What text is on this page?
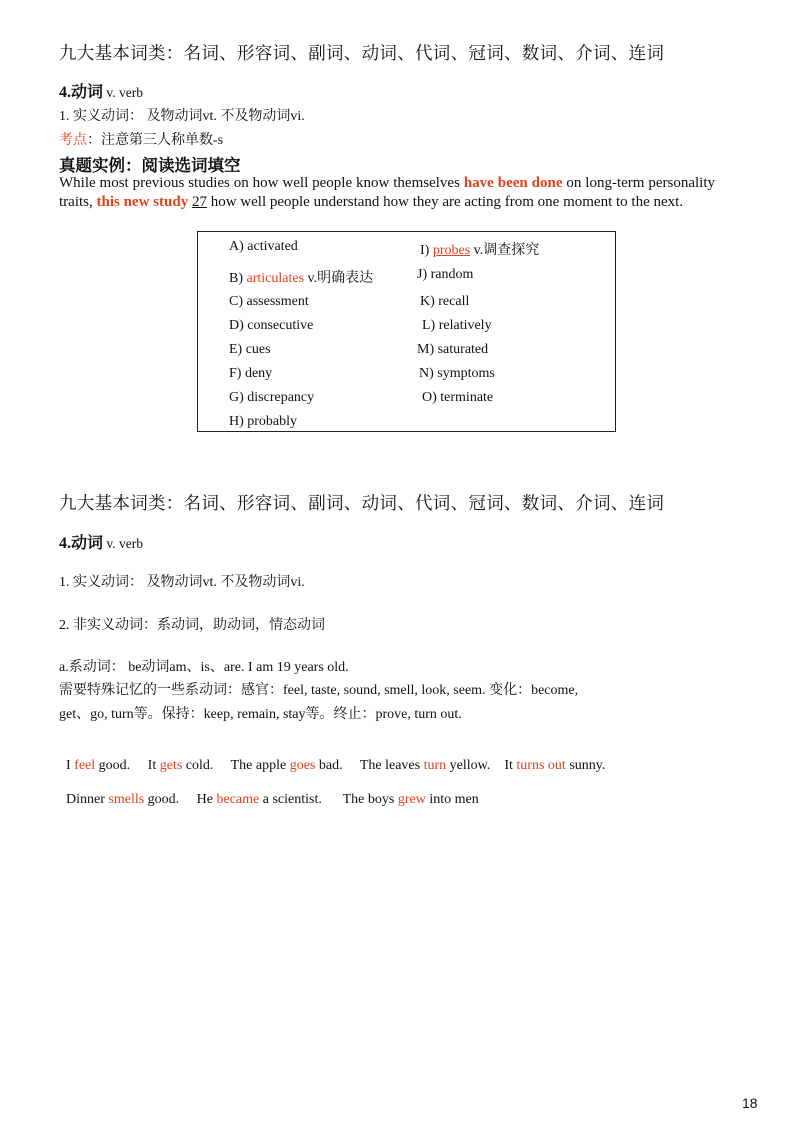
九大基本词类：名词、形容词、副词、动词、代词、冠词、数词、介词、连词
4.动词 v. verb
1. 实义动词： 及物动词vt. 不及物动词vi.
考点：注意第三人称单数-s
真题实例：阅读选词填空
While most previous studies on how well people know themselves have been done on long-term personality traits, this new study 27 how well people understand how they are acting from one moment to the next.
A) activated
B) articulates v.明确表达
C) assessment
D) consecutive
E) cues
F) deny
G) discrepancy
H) probably
I) probes v.调查探究
J) random
K) recall
L) relatively
M) saturated
N) symptoms
O) terminate
九大基本词类：名词、形容词、副词、动词、代词、冠词、数词、介词、连词
4.动词 v. verb
1. 实义动词： 及物动词vt. 不及物动词vi.
2. 非实义动词：系动词，助动词，情态动词
a.系动词： be动词am、is、are. I am 19 years old.
需要特殊记忆的一些系动词：感官：feel, taste, sound, smell, look, seem. 变化：become,
get、go, turn等。保持：keep, remain, stay等。终止：prove, turn out.

I feel good.     It gets cold.     The apple goes bad.     The leaves turn yellow.    It turns out sunny.

Dinner smells good.     He became a scientist.      The boys grew into men

18
